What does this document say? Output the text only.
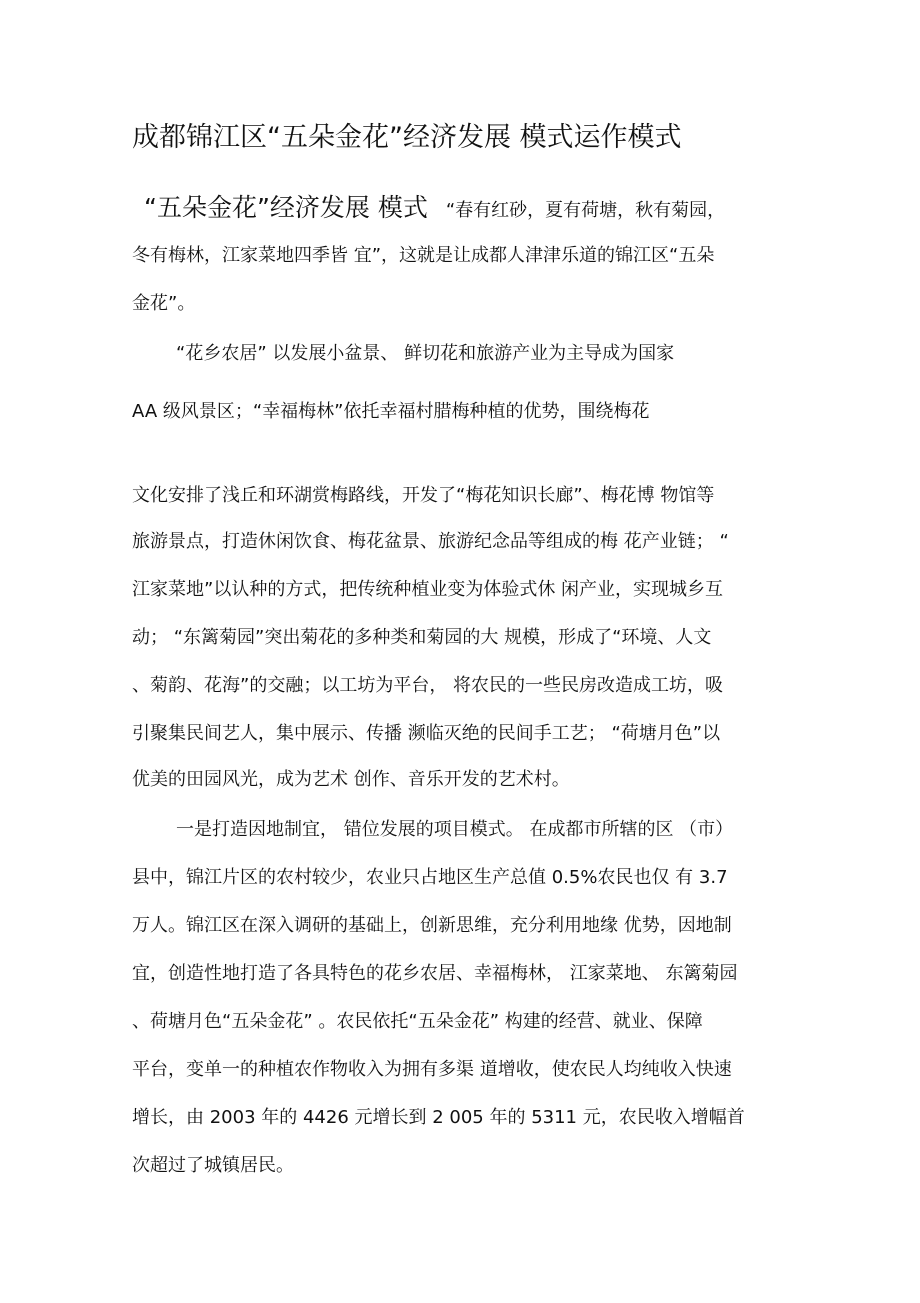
成都锦江区“五朵金花”经济发展 模式运作模式

“五朵金花”经济发展 模式 “春有红砂，夏有荷塘，秋有菊园，

冬有梅林，江家菜地四季皆 宜”，这就是让成都人津津乐道的锦江区“五朵

金花”。

“花乡农居” 以发展小盆景、 鲜切花和旅游产业为主导成为国家

AA 级风景区；“幸福梅林”依托幸福村腊梅种植的优势，围绕梅花

文化安排了浅丘和环湖赏梅路线，开发了“梅花知识长廊”、梅花博 物馆等

旅游景点，打造休闲饮食、梅花盆景、旅游纪念品等组成的梅 花产业链； “

江家菜地”以认种的方式，把传统种植业变为体验式休 闲产业，实现城乡互

动； “东篱菊园”突出菊花的多种类和菊园的大 规模，形成了“环境、人文

、菊韵、花海”的交融；以工坊为平台， 将农民的一些民房改造成工坊，吸

引聚集民间艺人，集中展示、传播 濒临灭绝的民间手工艺； “荷塘月色”以

优美的田园风光，成为艺术 创作、音乐开发的艺术村。

一是打造因地制宜， 错位发展的项目模式。 在成都市所辖的区 （市）

县中，锦江片区的农村较少，农业只占地区生产总值 0.5%农民也仅 有 3.7

万人。锦江区在深入调研的基础上，创新思维，充分利用地缘 优势，因地制

宜，创造性地打造了各具特色的花乡农居、幸福梅林， 江家菜地、 东篱菊园

、荷塘月色“五朵金花” 。农民依托“五朵金花” 构建的经营、就业、保障

平台，变单一的种植农作物收入为拥有多渠 道增收，使农民人均纯收入快速

增长，由 2003 年的 4426 元增长到 2 005 年的 5311 元，农民收入增幅首

次超过了城镇居民。
